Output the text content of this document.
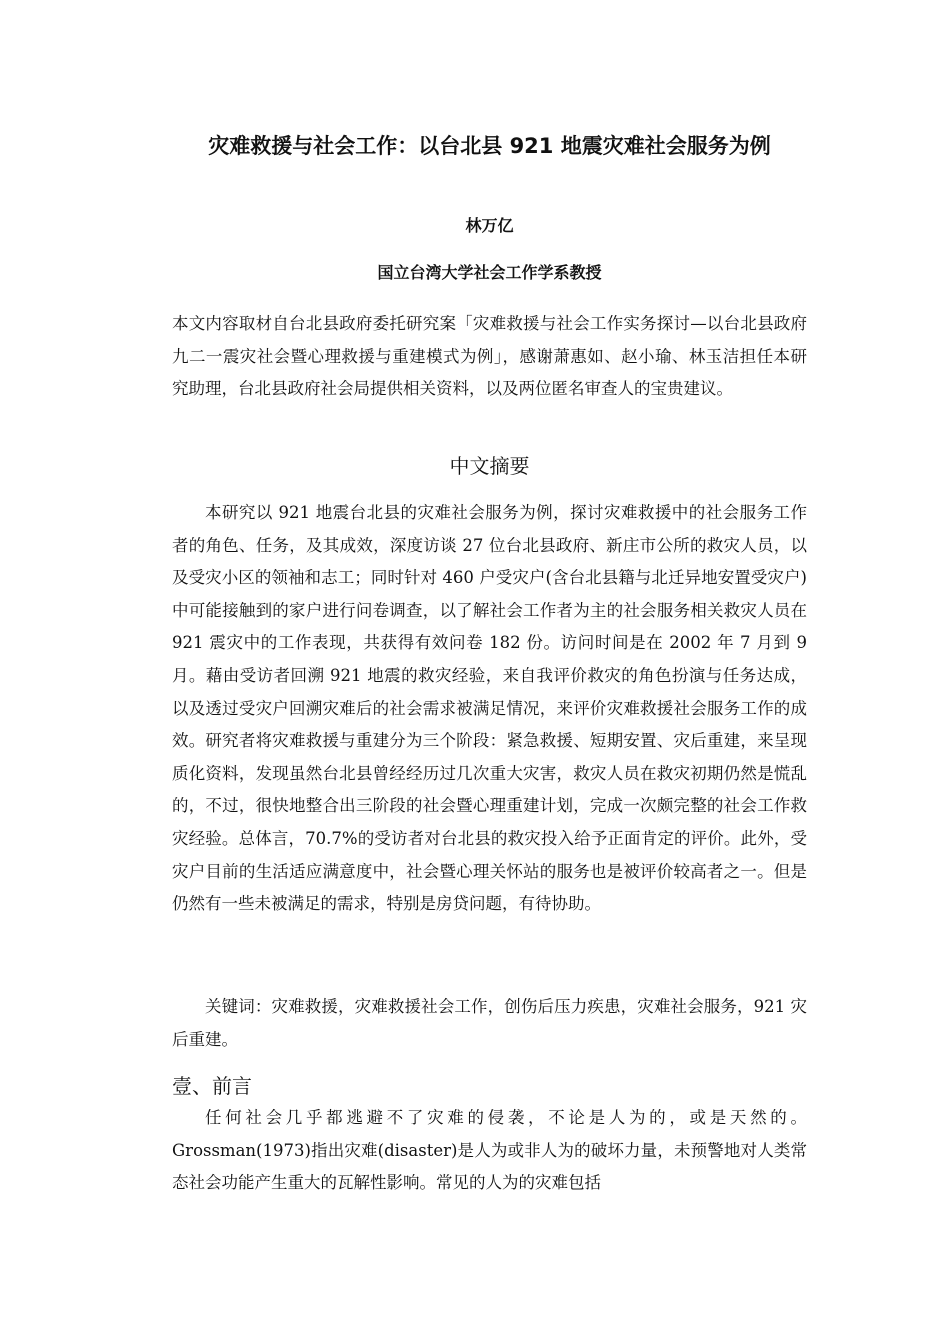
灾难救援与社会工作：以台北县 921 地震灾难社会服务为例
林万亿
国立台湾大学社会工作学系教授

本文内容取材自台北县政府委托研究案「灾难救援与社会工作实务探讨—以台北县政府九二一震灾社会暨心理救援与重建模式为例」，感谢萧惠如、赵小瑜、林玉洁担任本研究助理，台北县政府社会局提供相关资料，以及两位匿名审查人的宝贵建议。

中文摘要

本研究以 921 地震台北县的灾难社会服务为例，探讨灾难救援中的社会服务工作者的角色、任务，及其成效，深度访谈 27 位台北县政府、新庄市公所的救灾人员，以及受灾小区的领袖和志工；同时针对 460 户受灾户(含台北县籍与北迁异地安置受灾户)中可能接触到的家户进行问卷调查，以了解社会工作者为主的社会服务相关救灾人员在 921 震灾中的工作表现，共获得有效问卷 182 份。访问时间是在 2002 年 7 月到 9 月。藉由受访者回溯 921 地震的救灾经验，来自我评价救灾的角色扮演与任务达成，以及透过受灾户回溯灾难后的社会需求被满足情况，来评价灾难救援社会服务工作的成效。研究者将灾难救援与重建分为三个阶段：紧急救援、短期安置、灾后重建，来呈现质化资料，发现虽然台北县曾经经历过几次重大灾害，救灾人员在救灾初期仍然是慌乱的，不过，很快地整合出三阶段的社会暨心理重建计划，完成一次颇完整的社会工作救灾经验。总体言，70.7%的受访者对台北县的救灾投入给予正面肯定的评价。此外，受灾户目前的生活适应满意度中，社会暨心理关怀站的服务也是被评价较高者之一。但是仍然有一些未被满足的需求，特别是房贷问题，有待协助。

关键词：灾难救援，灾难救援社会工作，创伤后压力疾患，灾难社会服务，921 灾后重建。

壹、前言

任何社会几乎都逃避不了灾难的侵袭，不论是人为的，或是天然的。Grossman(1973)指出灾难(disaster)是人为或非人为的破坏力量，未预警地对人类常态社会功能产生重大的瓦解性影响。常见的人为的灾难包括
